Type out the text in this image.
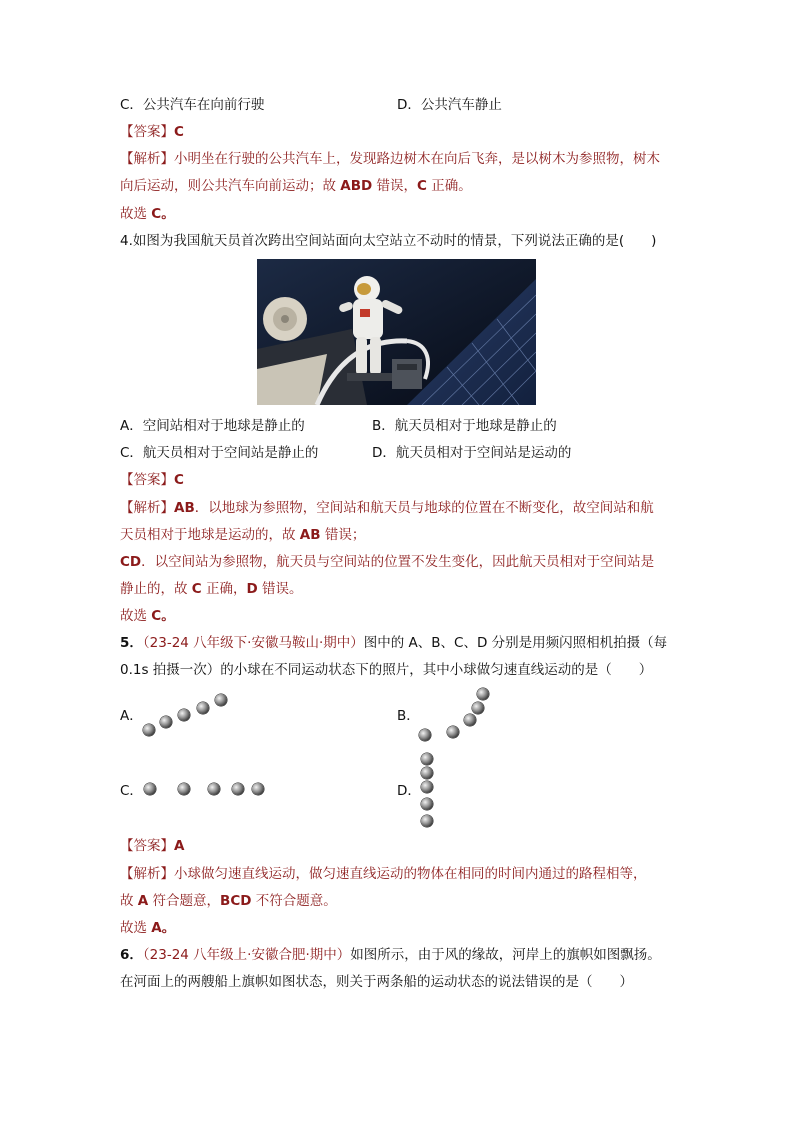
C．公共汽车在向前行驶	D．公共汽车静止
【答案】C
【解析】小明坐在行驶的公共汽车上，发现路边树木在向后飞奔，是以树木为参照物，树木
向后运动，则公共汽车向前运动；故 ABD 错误，C 正确。
故选 C。
4.如图为我国航天员首次跨出空间站面向太空站立不动时的情景，下列说法正确的是(　　)
A．空间站相对于地球是静止的	B．航天员相对于地球是静止的
C．航天员相对于空间站是静止的	D．航天员相对于空间站是运动的
【答案】C
【解析】AB．以地球为参照物，空间站和航天员与地球的位置在不断变化，故空间站和航
天员相对于地球是运动的，故 AB 错误；
CD．以空间站为参照物，航天员与空间站的位置不发生变化，因此航天员相对于空间站是
静止的，故 C 正确，D 错误。
故选 C。
5．（23-24 八年级下·安徽马鞍山·期中）图中的 A、B、C、D 分别是用频闪照相机拍摄（每
0.1s 拍摄一次）的小球在不同运动状态下的照片，其中小球做匀速直线运动的是（　　）
A．	B．
C．	D．
【答案】A
【解析】小球做匀速直线运动，做匀速直线运动的物体在相同的时间内通过的路程相等，
故 A 符合题意，BCD 不符合题意。
故选 A。
6．（23-24 八年级上·安徽合肥·期中）如图所示，由于风的缘故，河岸上的旗帜如图飘扬。
在河面上的两艘船上旗帜如图状态，则关于两条船的运动状态的说法错误的是（　　）
